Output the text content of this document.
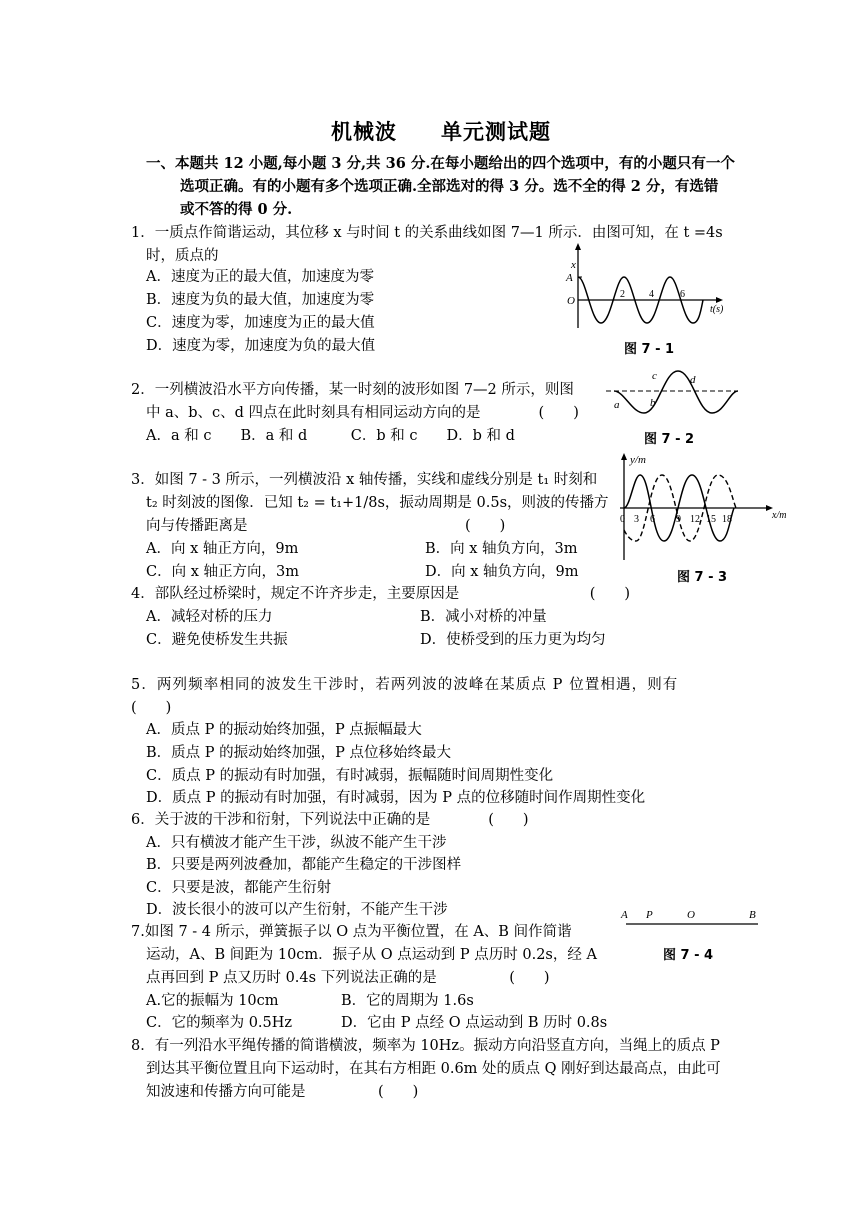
机械波　　单元测试题
一、本题共 12 小题,每小题 3 分,共 36 分.在每小题给出的四个选项中，有的小题只有一个
选项正确。有的小题有多个选项正确.全部选对的得 3 分。选不全的得 2 分，有选错
或不答的得 0 分.
1．一质点作简谐运动，其位移 x 与时间 t 的关系曲线如图 7—1 所示．由图可知，在 t =4s
时，质点的
A．速度为正的最大值，加速度为零
B．速度为负的最大值，加速度为零
C．速度为零，加速度为正的最大值
D．速度为零，加速度为负的最大值
x
A
O
2 4	6
t(s)
图 7 - 1
2．一列横波沿水平方向传播，某一时刻的波形如图 7—2 所示，则图
中 a、b、c、d 四点在此时刻具有相同运动方向的是　　　　(　　)
A．a 和 c　　B．a 和 d　　　C．b 和 c　　D．b 和 d
a	b
c	d
图 7 - 2
3．如图 7 - 3 所示，一列横波沿 x 轴传播，实线和虚线分别是 t₁ 时刻和
t₂ 时刻波的图像．已知 t₂ = t₁+1/8s，振动周期是 0.5s，则波的传播方
向与传播距离是　　　　　　　　　　　　　　　(　　)
A．向 x 轴正方向，9m	B．向 x 轴负方向，3m
C．向 x 轴正方向，3m	D．向 x 轴负方向，9m
y/m
0 3 6 9 12 15 18	x/m
图 7 - 3
4．部队经过桥梁时，规定不许齐步走，主要原因是　　　　　　　　　(　　)
A．减轻对桥的压力	B．减小对桥的冲量
C．避免使桥发生共振	D．使桥受到的压力更为均匀
5．两列频率相同的波发生干涉时，若两列波的波峰在某质点 P 位置相遇，则有
(　　)
A．质点 P 的振动始终加强，P 点振幅最大
B．质点 P 的振动始终加强，P 点位移始终最大
C．质点 P 的振动有时加强，有时减弱，振幅随时间周期性变化
D．质点 P 的振动有时加强，有时减弱，因为 P 点的位移随时间作周期性变化
6．关于波的干涉和衍射，下列说法中正确的是　　　　(　　)
A．只有横波才能产生干涉，纵波不能产生干涉
B．只要是两列波叠加，都能产生稳定的干涉图样
C．只要是波，都能产生衍射
D．波长很小的波可以产生衍射，不能产生干涉
7.如图 7 - 4 所示，弹簧振子以 O 点为平衡位置，在 A、B 间作简谐
运动，A、B 间距为 10cm．振子从 O 点运动到 P 点历时 0.2s，经 A
点再回到 P 点又历时 0.4s 下列说法正确的是　　　　　(　　)
A.它的振幅为 10cm	B．它的周期为 1.6s
C．它的频率为 0.5Hz	D．它由 P 点经 O 点运动到 B 历时 0.8s
A P	O	B
图 7 - 4
8．有一列沿水平绳传播的简谐横波，频率为 10Hz。振动方向沿竖直方向，当绳上的质点 P
到达其平衡位置且向下运动时，在其右方相距 0.6m 处的质点 Q 刚好到达最高点，由此可
知波速和传播方向可能是　　　　　(　　)
